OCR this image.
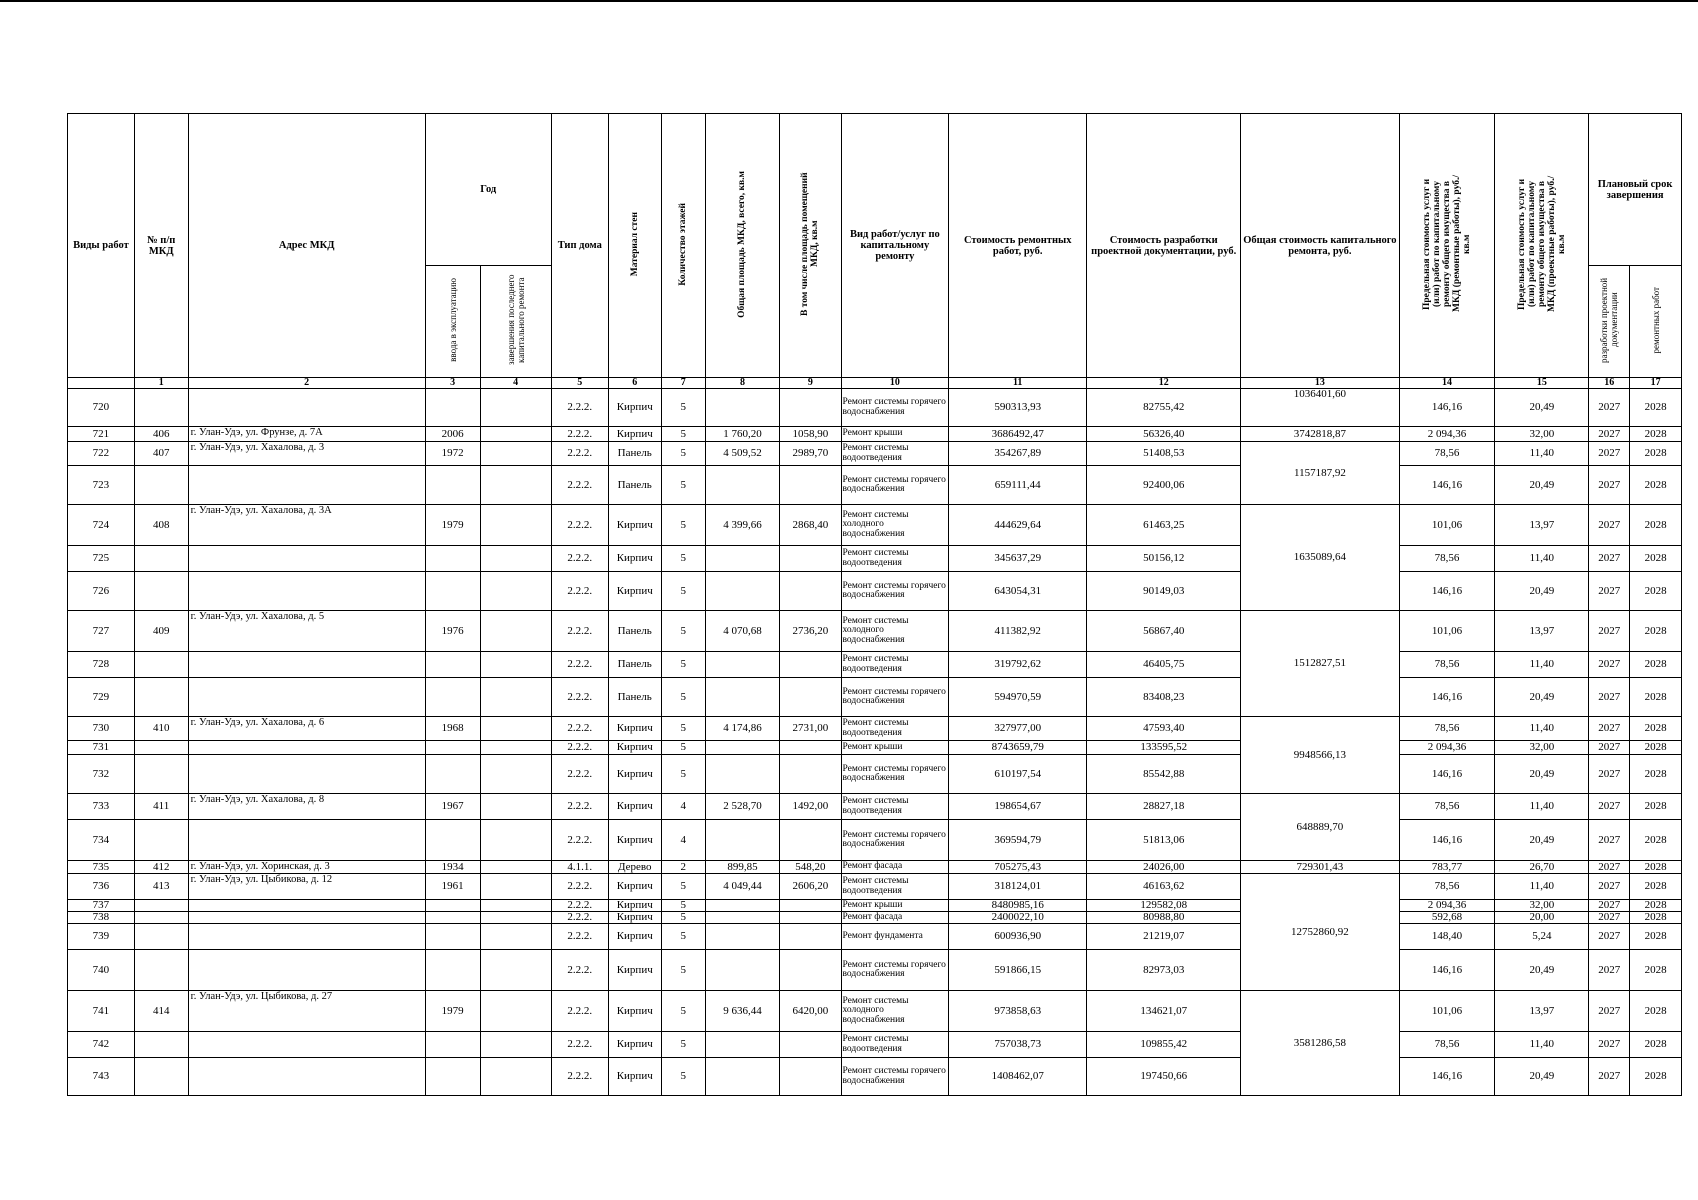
Виды работ	№ п/п МКД	Адрес МКД	Год		Тип дома	Материал стен	Количество этажей	Общая площадь МКД, всего, кв.м	В том числе площадь помещений МКД, кв.м	Вид работ/услуг по капитальному ремонту	Стоимость ремонтных работ, руб.	Стоимость разработки проектной документации, руб.	Общая стоимость капитального ремонта, руб.	Предельная стоимость услуг и (или) работ по капитальному ремонту общего имущества в МКД (ремонтные работы), руб./кв.м	Предельная стоимость услуг и (или) работ по капитальному ремонту общего имущества в МКД (проектные работы), руб./кв.м	Плановый срок завершения	
			ввода в эксплуатацию	завершения последнего капитального ремонта												разработки проектной документации	ремонтных работ
	1	2	3	4	5	6	7	8	9	10	11	12	13	14	15	16	17
720					2.2.2.	Кирпич	5			Ремонт системы горячего водоснабжения	590313,93	82755,42	1036401,60	146,16	20,49	2027	2028
721	406	г. Улан-Удэ, ул. Фрунзе, д. 7А	2006		2.2.2.	Кирпич	5	1 760,20	1058,90	Ремонт крыши	3686492,47	56326,40	3742818,87	2 094,36	32,00	2027	2028
722	407	г. Улан-Удэ, ул. Хахалова, д. 3	1972		2.2.2.	Панель	5	4 509,52	2989,70	Ремонт системы водоотведения	354267,89	51408,53	1157187,92	78,56	11,40	2027	2028
723					2.2.2.	Панель	5			Ремонт системы горячего водоснабжения	659111,44	92400,06		146,16	20,49	2027	2028
724	408	г. Улан-Удэ, ул. Хахалова, д. 3А	1979		2.2.2.	Кирпич	5	4 399,66	2868,40	Ремонт системы холодного водоснабжения	444629,64	61463,25	1635089,64	101,06	13,97	2027	2028
725					2.2.2.	Кирпич	5			Ремонт системы водоотведения	345637,29	50156,12		78,56	11,40	2027	2028
726					2.2.2.	Кирпич	5			Ремонт системы горячего водоснабжения	643054,31	90149,03		146,16	20,49	2027	2028
727	409	г. Улан-Удэ, ул. Хахалова, д. 5	1976		2.2.2.	Панель	5	4 070,68	2736,20	Ремонт системы холодного водоснабжения	411382,92	56867,40	1512827,51	101,06	13,97	2027	2028
728					2.2.2.	Панель	5			Ремонт системы водоотведения	319792,62	46405,75		78,56	11,40	2027	2028
729					2.2.2.	Панель	5			Ремонт системы горячего водоснабжения	594970,59	83408,23		146,16	20,49	2027	2028
730	410	г. Улан-Удэ, ул. Хахалова, д. 6	1968		2.2.2.	Кирпич	5	4 174,86	2731,00	Ремонт системы водоотведения	327977,00	47593,40	9948566,13	78,56	11,40	2027	2028
731					2.2.2.	Кирпич	5			Ремонт крыши	8743659,79	133595,52		2 094,36	32,00	2027	2028
732					2.2.2.	Кирпич	5			Ремонт системы горячего водоснабжения	610197,54	85542,88		146,16	20,49	2027	2028
733	411	г. Улан-Удэ, ул. Хахалова, д. 8	1967		2.2.2.	Кирпич	4	2 528,70	1492,00	Ремонт системы водоотведения	198654,67	28827,18	648889,70	78,56	11,40	2027	2028
734					2.2.2.	Кирпич	4			Ремонт системы горячего водоснабжения	369594,79	51813,06		146,16	20,49	2027	2028
735	412	г. Улан-Удэ, ул. Хоринская, д. 3	1934		4.1.1.	Дерево	2	899,85	548,20	Ремонт фасада	705275,43	24026,00	729301,43	783,77	26,70	2027	2028
736	413	г. Улан-Удэ, ул. Цыбикова, д. 12	1961		2.2.2.	Кирпич	5	4 049,44	2606,20	Ремонт системы водоотведения	318124,01	46163,62	12752860,92	78,56	11,40	2027	2028
737					2.2.2.	Кирпич	5			Ремонт крыши	8480985,16	129582,08		2 094,36	32,00	2027	2028
738					2.2.2.	Кирпич	5			Ремонт фасада	2400022,10	80988,80		592,68	20,00	2027	2028
739					2.2.2.	Кирпич	5			Ремонт фундамента	600936,90	21219,07		148,40	5,24	2027	2028
740					2.2.2.	Кирпич	5			Ремонт системы горячего водоснабжения	591866,15	82973,03		146,16	20,49	2027	2028
741	414	г. Улан-Удэ, ул. Цыбикова, д. 27	1979		2.2.2.	Кирпич	5	9 636,44	6420,00	Ремонт системы холодного водоснабжения	973858,63	134621,07	3581286,58	101,06	13,97	2027	2028
742					2.2.2.	Кирпич	5			Ремонт системы водоотведения	757038,73	109855,42		78,56	11,40	2027	2028
743					2.2.2.	Кирпич	5			Ремонт системы горячего водоснабжения	1408462,07	197450,66		146,16	20,49	2027	2028
